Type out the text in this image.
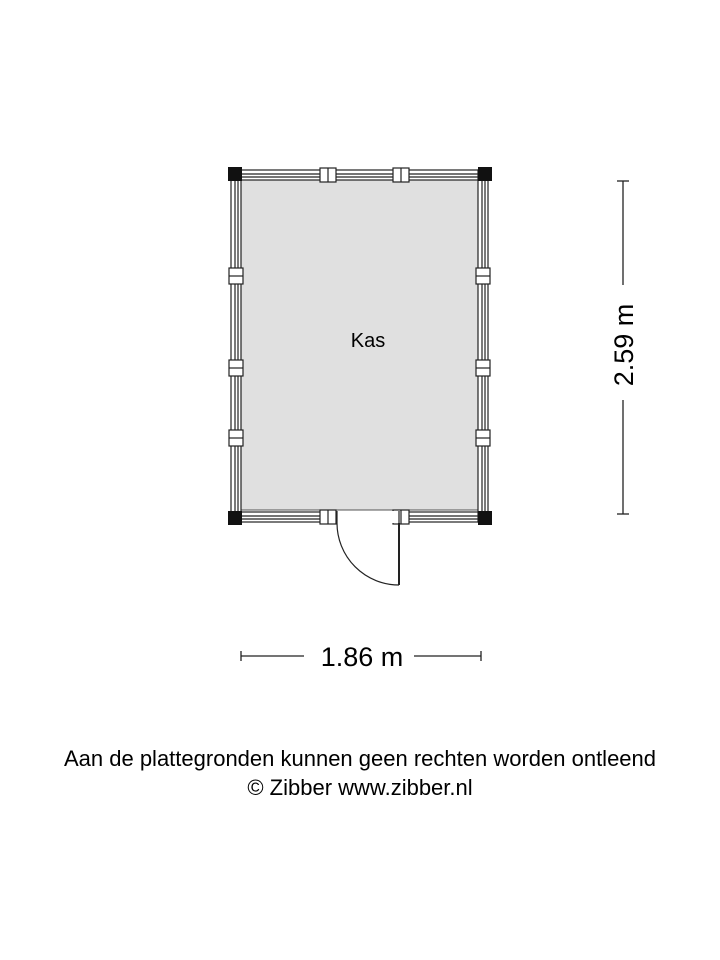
Kas
1.86 m
2.59 m
Aan de plattegronden kunnen geen rechten worden ontleend
© Zibber www.zibber.nl
